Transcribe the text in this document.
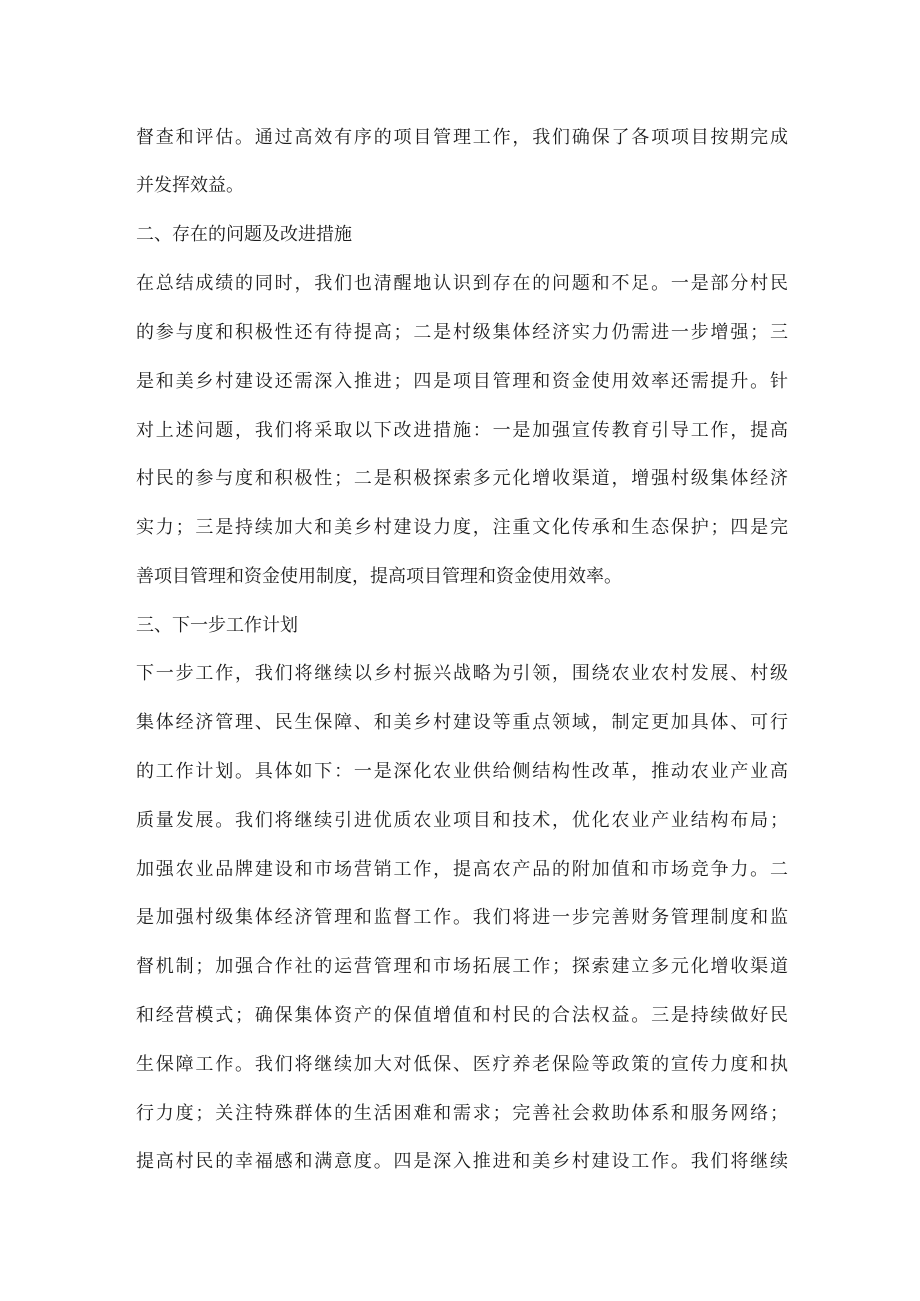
督查和评估。通过高效有序的项目管理工作，我们确保了各项项目按期完成
并发挥效益。
二、存在的问题及改进措施
在总结成绩的同时，我们也清醒地认识到存在的问题和不足。一是部分村民
的参与度和积极性还有待提高；二是村级集体经济实力仍需进一步增强；三
是和美乡村建设还需深入推进；四是项目管理和资金使用效率还需提升。针
对上述问题，我们将采取以下改进措施：一是加强宣传教育引导工作，提高
村民的参与度和积极性；二是积极探索多元化增收渠道，增强村级集体经济
实力；三是持续加大和美乡村建设力度，注重文化传承和生态保护；四是完
善项目管理和资金使用制度，提高项目管理和资金使用效率。
三、下一步工作计划
下一步工作，我们将继续以乡村振兴战略为引领，围绕农业农村发展、村级
集体经济管理、民生保障、和美乡村建设等重点领域，制定更加具体、可行
的工作计划。具体如下：一是深化农业供给侧结构性改革，推动农业产业高
质量发展。我们将继续引进优质农业项目和技术，优化农业产业结构布局；
加强农业品牌建设和市场营销工作，提高农产品的附加值和市场竞争力。二
是加强村级集体经济管理和监督工作。我们将进一步完善财务管理制度和监
督机制；加强合作社的运营管理和市场拓展工作；探索建立多元化增收渠道
和经营模式；确保集体资产的保值增值和村民的合法权益。三是持续做好民
生保障工作。我们将继续加大对低保、医疗养老保险等政策的宣传力度和执
行力度；关注特殊群体的生活困难和需求；完善社会救助体系和服务网络；
提高村民的幸福感和满意度。四是深入推进和美乡村建设工作。我们将继续
